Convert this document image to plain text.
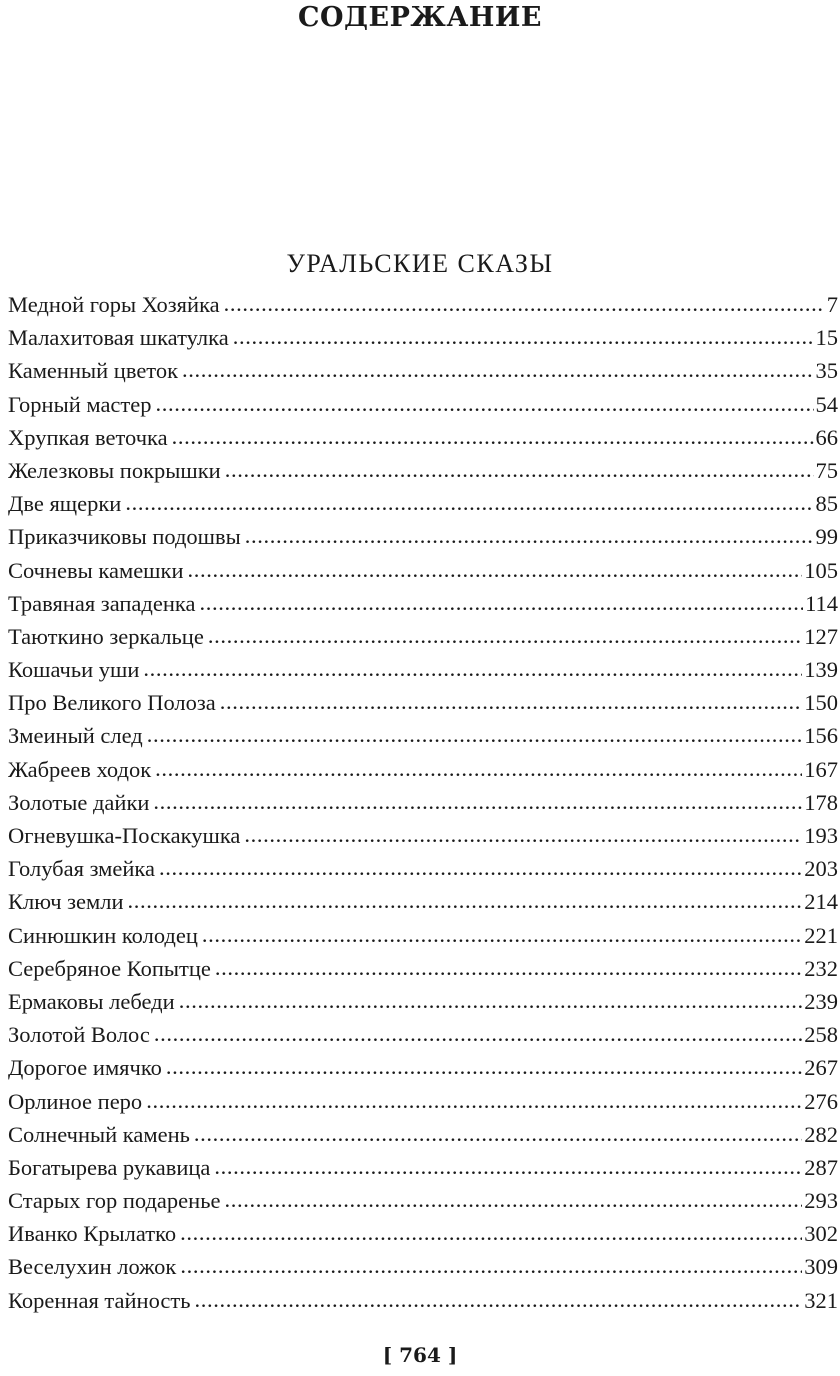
СОДЕРЖАНИЕ
УРАЛЬСКИЕ СКАЗЫ
Медной горы Хозяйка . . .	7
Малахитовая шкатулка . . .	15
Каменный цветок . . .	35
Горный мастер . . .	54
Хрупкая веточка . . .	66
Железковы покрышки . . .	75
Две ящерки . . .	85
Приказчиковы подошвы . . .	99
Сочневы камешки . . .	105
Травяная западенка . . .	114
Таюткино зеркальце . . .	127
Кошачьи уши . . .	139
Про Великого Полоза . . .	150
Змеиный след . . .	156
Жабреев ходок . . .	167
Золотые дайки . . .	178
Огневушка-Поскакушка . . .	193
Голубая змейка . . .	203
Ключ земли . . .	214
Синюшкин колодец . . .	221
Серебряное Копытце . . .	232
Ермаковы лебеди . . .	239
Золотой Волос . . .	258
Дорогое имячко . . .	267
Орлиное перо . . .	276
Солнечный камень . . .	282
Богатырева рукавица . . .	287
Старых гор подаренье . . .	293
Иванко Крылатко . . .	302
Веселухин ложок . . .	309
Коренная тайность . . .	321
[ 764 ]
